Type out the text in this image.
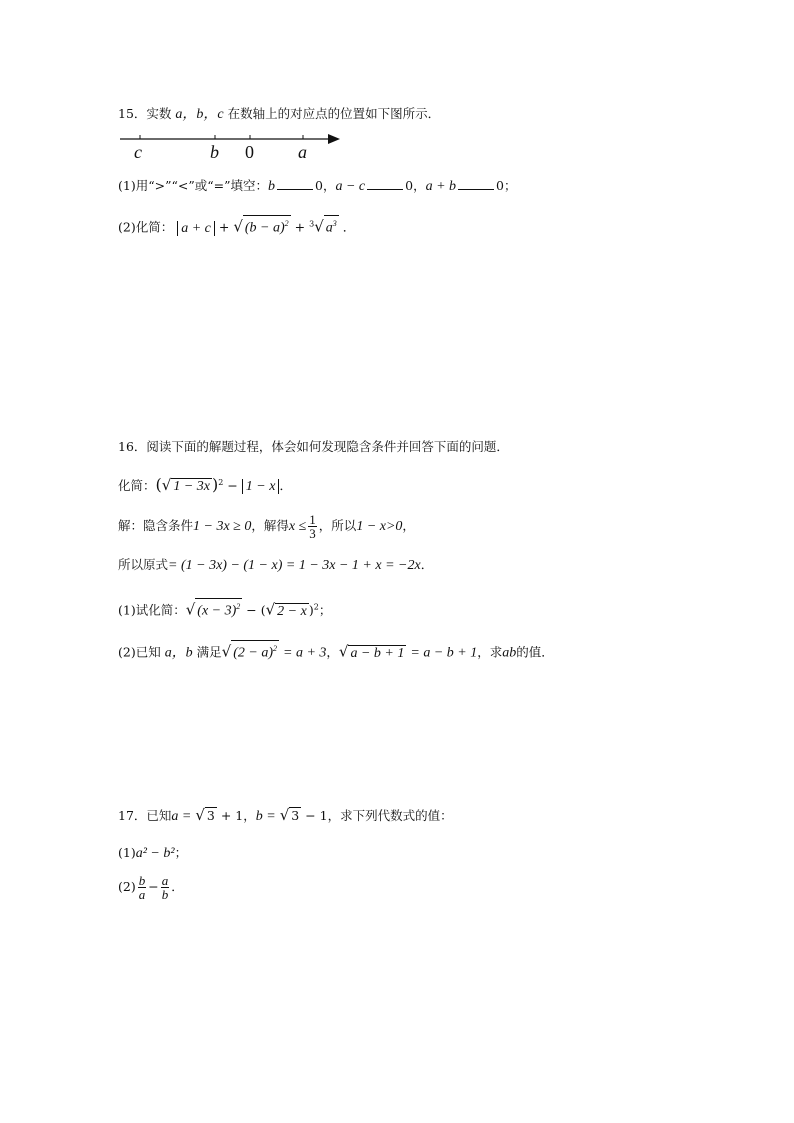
15．实数 a，b，c 在数轴上的对应点的位置如下图所示．
c	b 0 a
(1)用“>”“<”或“=”填空：b	0，a − c	0，a + b	0；
(2)化简： a + c + √ $(b - a)^2 + ^3√$ $a^3$ ．
16．阅读下面的解题过程，体会如何发现隐含条件并回答下面的问题．
化简：(√ 1 − 3x )$^2$ − 1 − x ．
解：隐含条件1 − 3x ≥ 0，解得$x \le \frac{1}{3}$ ，所以1 − x>0，
所以原式= (1 − 3x) − (1 − x) = 1 − 3x − 1 + x = −2x．
(1)试化简：√ $(x - 3)^2$ − (√ 2 − x )$^2$；
(2)已知 a，b 满足√ $(2 - a)^2 = a + 3$，√ a − b + 1 = a − b + 1，求ab的值．
17．已知a = √ 3 + 1，b = √ 3 − 1，求下列代数式的值：
(1)a² − b²；
$(2) \frac{b}{a} - \frac{a}{b}$ ．
